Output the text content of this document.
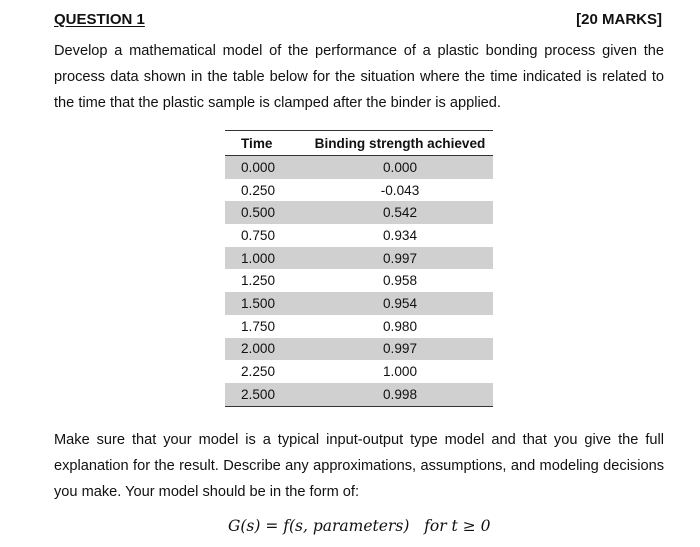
QUESTION 1	[20 MARKS]

Develop a mathematical model of the performance of a plastic bonding process given the process data shown in the table below for the situation where the time indicated is related to the time that the plastic sample is clamped after the binder is applied.

Time	Binding strength achieved
0.000	0.000
0.250	-0.043
0.500	0.542
0.750	0.934
1.000	0.997
1.250	0.958
1.500	0.954
1.750	0.980
2.000	0.997
2.250	1.000
2.500	0.998

Make sure that your model is a typical input-output type model and that you give the full explanation for the result. Describe any approximations, assumptions, and modeling decisions you make. Your model should be in the form of:

G(s) = f(s, parameters)   for t ≥ 0
